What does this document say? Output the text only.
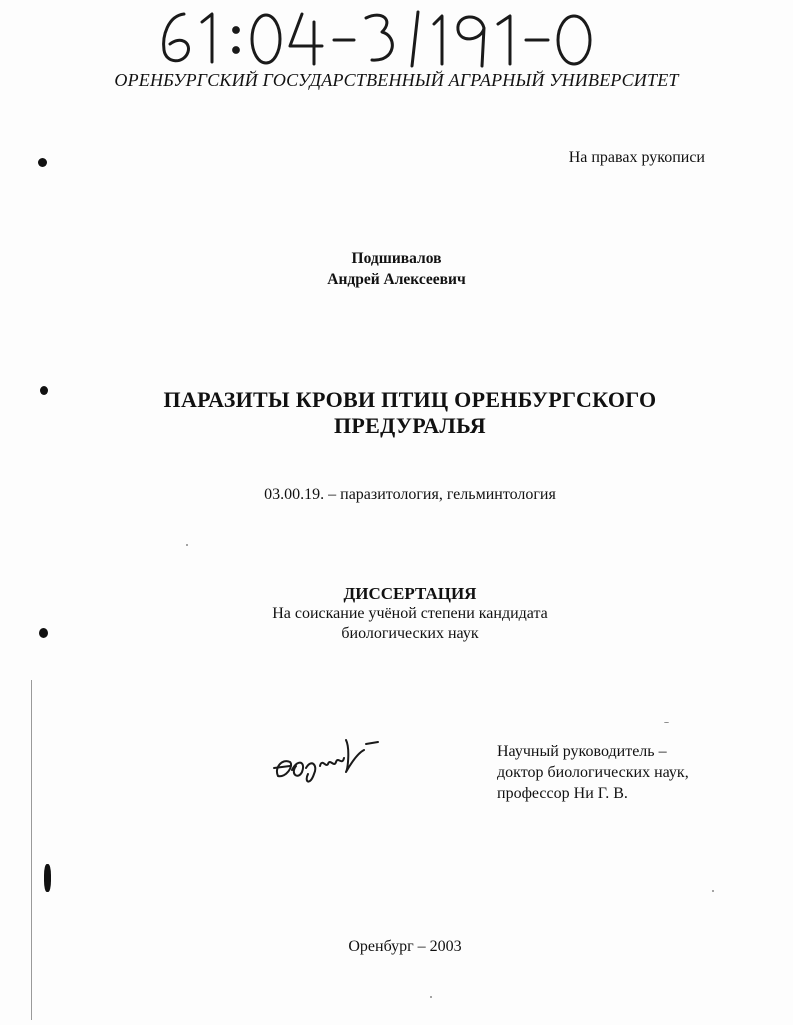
ОРЕНБУРГСКИЙ ГОСУДАРСТВЕННЫЙ АГРАРНЫЙ УНИВЕРСИТЕТ
На правах рукописи
Подшивалов
Андрей Алексеевич
ПАРАЗИТЫ КРОВИ ПТИЦ ОРЕНБУРГСКОГО
ПРЕДУРАЛЬЯ
03.00.19. – паразитология, гельминтология
ДИССЕРТАЦИЯ
На соискание учёной степени кандидата
биологических наук
Научный руководитель –
доктор биологических наук,
профессор Ни Г. В.
Оренбург – 2003
